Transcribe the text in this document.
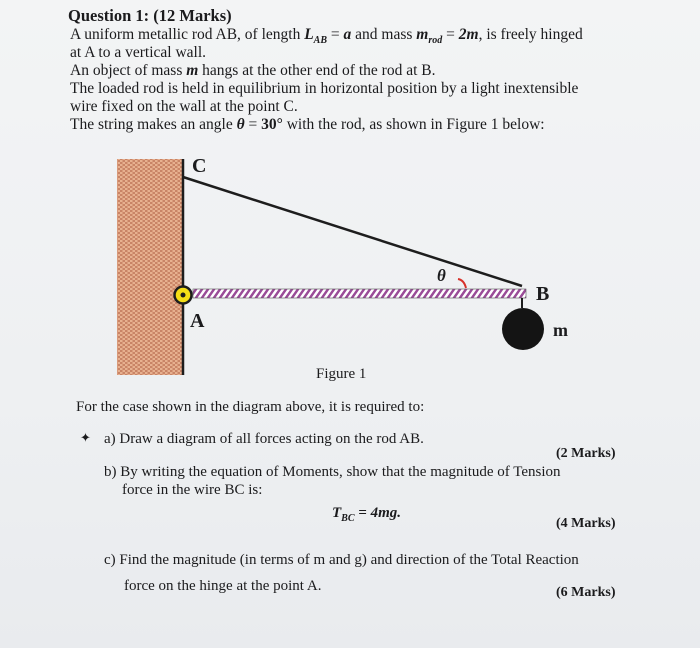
Question 1: (12 Marks)
A uniform metallic rod AB, of length $L_{AB} = a$ and mass $m_{rod} = 2m$, is freely hinged
at A to a vertical wall.
An object of mass m hangs at the other end of the rod at B.
The loaded rod is held in equilibrium in horizontal position by a light inextensible
wire fixed on the wall at the point C.
The string makes an angle θ = 30° with the rod, as shown in Figure 1 below:
C
A
B
m
θ
Figure 1
For the case shown in the diagram above, it is required to:
✦ a) Draw a diagram of all forces acting on the rod AB.
(2 Marks)
b) By writing the equation of Moments, show that the magnitude of Tension
force in the wire BC is:
$T_{BC} = 4mg$.
(4 Marks)
c) Find the magnitude (in terms of m and g) and direction of the Total Reaction
force on the hinge at the point A.	(6 Marks)
